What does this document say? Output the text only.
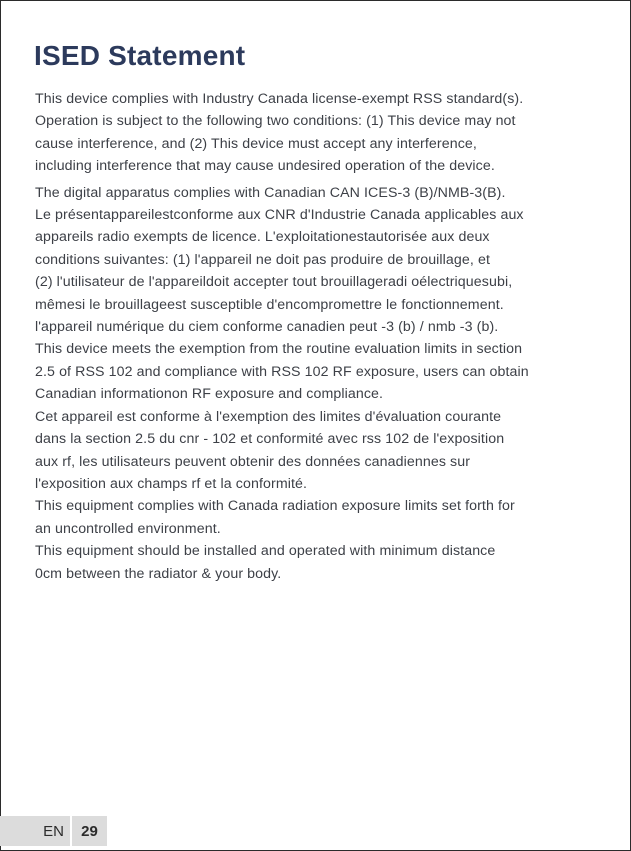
ISED Statement

This device complies with Industry Canada license-exempt RSS standard(s).
Operation is subject to the following two conditions: (1) This device may not
cause interference, and (2) This device must accept any interference,
including interference that may cause undesired operation of the device.

The digital apparatus complies with Canadian CAN ICES-3 (B)/NMB-3(B).
Le présentappareilestconforme aux CNR d'Industrie Canada applicables aux
appareils radio exempts de licence. L'exploitationestautorisée aux deux
conditions suivantes: (1) l'appareil ne doit pas produire de brouillage, et
(2) l'utilisateur de l'appareildoit accepter tout brouillageradi oélectriquesubi,
mêmesi le brouillageest susceptible d'encompromettre le fonctionnement.
l'appareil numérique du ciem conforme canadien peut -3 (b) / nmb -3 (b).
This device meets the exemption from the routine evaluation limits in section
2.5 of RSS 102 and compliance with RSS 102 RF exposure, users can obtain
Canadian informationon RF exposure and compliance.
Cet appareil est conforme à l'exemption des limites d'évaluation courante
dans la section 2.5 du cnr - 102 et conformité avec rss 102 de l'exposition
aux rf, les utilisateurs peuvent obtenir des données canadiennes sur
l'exposition aux champs rf et la conformité.
This equipment complies with Canada radiation exposure limits set forth for
an uncontrolled environment.
This equipment should be installed and operated with minimum distance
0cm between the radiator & your body.

EN	29
